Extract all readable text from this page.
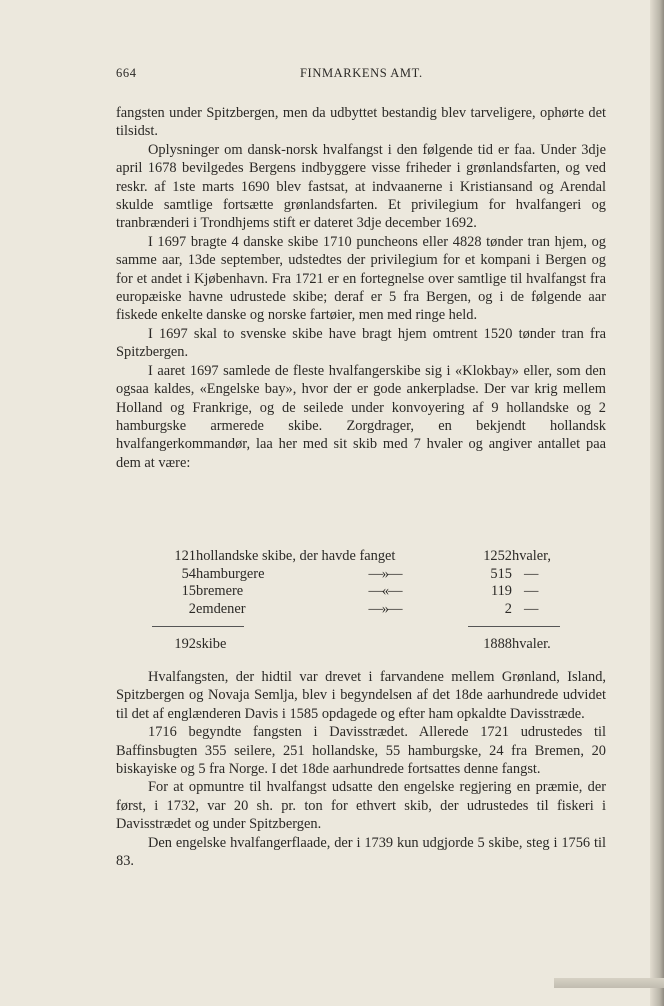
664	FINMARKENS AMT.

fangsten under Spitzbergen, men da udbyttet bestandig blev tarveligere, ophørte det tilsidst.

Oplysninger om dansk-norsk hvalfangst i den følgende tid er faa. Under 3dje april 1678 bevilgedes Bergens indbyggere visse friheder i grønlandsfarten, og ved reskr. af 1ste marts 1690 blev fastsat, at indvaanerne i Kristiansand og Arendal skulde samtlige fortsætte grønlandsfarten. Et privilegium for hvalfangeri og tranbrænderi i Trondhjems stift er dateret 3dje december 1692.

I 1697 bragte 4 danske skibe 1710 puncheons eller 4828 tønder tran hjem, og samme aar, 13de september, udstedtes der privilegium for et kompani i Bergen og for et andet i Kjøbenhavn. Fra 1721 er en fortegnelse over samtlige til hvalfangst fra europæiske havne udrustede skibe; deraf er 5 fra Bergen, og i de følgende aar fiskede enkelte danske og norske fartøier, men med ringe held.

I 1697 skal to svenske skibe have bragt hjem omtrent 1520 tønder tran fra Spitzbergen.

I aaret 1697 samlede de fleste hvalfangerskibe sig i «Klokbay» eller, som den ogsaa kaldes, «Engelske bay», hvor der er gode ankerpladse. Der var krig mellem Holland og Frankrige, og de seilede under konvoyering af 9 hollandske og 2 hamburgske armerede skibe. Zorgdrager, en bekjendt hollandsk hvalfangerkommandør, laa her med sit skib med 7 hvaler og angiver antallet paa dem at være:

121 hollandske skibe, der havde fanget	1252 hvaler,
54 hamburgere	—»—	515 —
15 bremere	—«—	119 —
2 emdener	—»—	2 —
192 skibe	1888 hvaler.

Hvalfangsten, der hidtil var drevet i farvandene mellem Grønland, Island, Spitzbergen og Novaja Semlja, blev i begyndelsen af det 18de aarhundrede udvidet til det af englænderen Davis i 1585 opdagede og efter ham opkaldte Davisstræde.

1716 begyndte fangsten i Davisstrædet. Allerede 1721 udrustedes til Baffinsbugten 355 seilere, 251 hollandske, 55 hamburgske, 24 fra Bremen, 20 biskayiske og 5 fra Norge. I det 18de aarhundrede fortsattes denne fangst.

For at opmuntre til hvalfangst udsatte den engelske regjering en præmie, der først, i 1732, var 20 sh. pr. ton for ethvert skib, der udrustedes til fiskeri i Davisstrædet og under Spitzbergen.

Den engelske hvalfangerflaade, der i 1739 kun udgjorde 5 skibe, steg i 1756 til 83.
